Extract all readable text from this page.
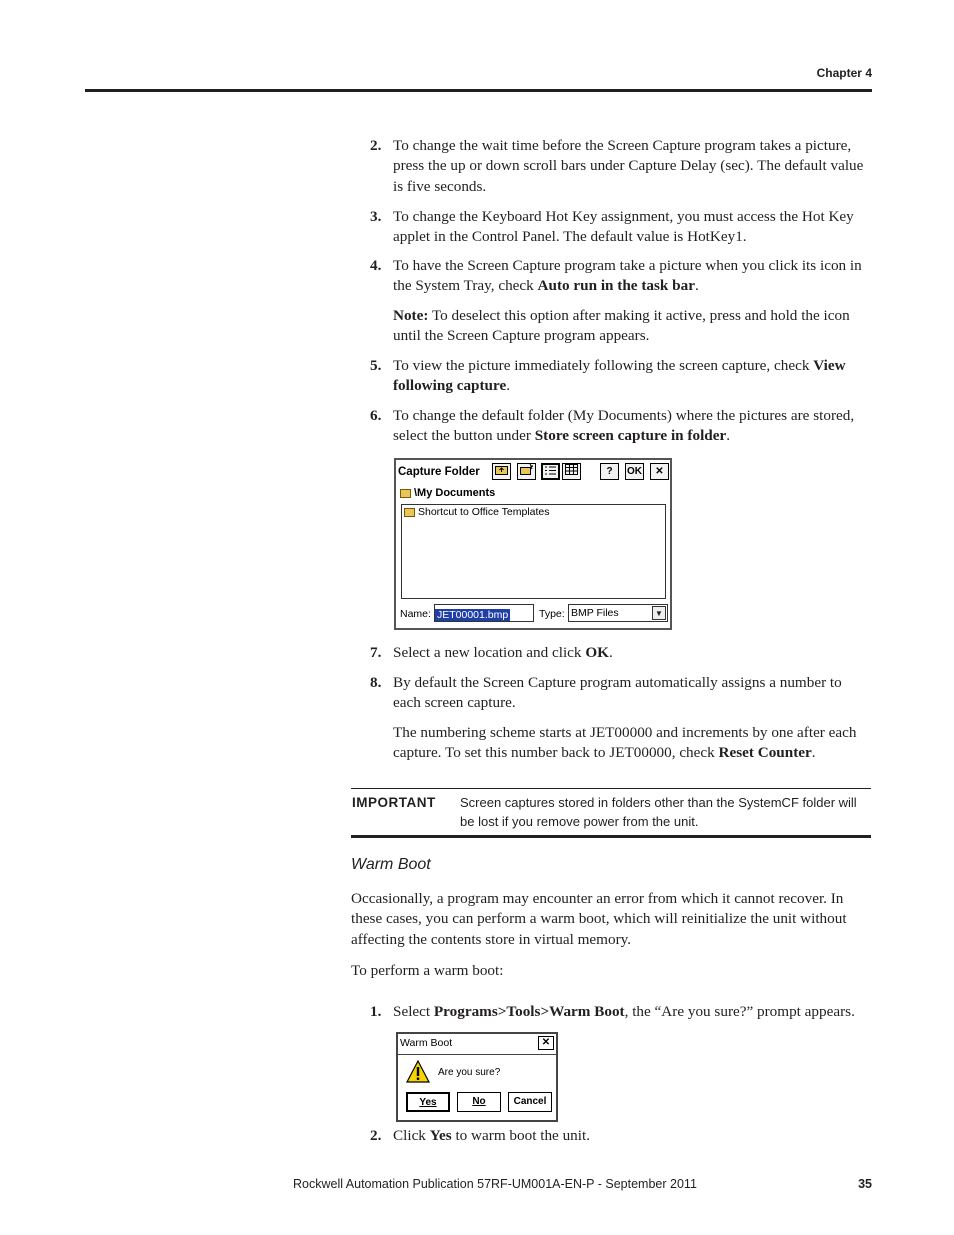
Chapter 4
2. To change the wait time before the Screen Capture program takes a picture, press the up or down scroll bars under Capture Delay (sec). The default value is five seconds.
3. To change the Keyboard Hot Key assignment, you must access the Hot Key applet in the Control Panel. The default value is HotKey1.
4. To have the Screen Capture program take a picture when you click its icon in the System Tray, check Auto run in the task bar.
Note: To deselect this option after making it active, press and hold the icon until the Screen Capture program appears.
5. To view the picture immediately following the screen capture, check View following capture.
6. To change the default folder (My Documents) where the pictures are stored, select the button under Store screen capture in folder.
Capture Folder	?	OK	✕
\My Documents
Shortcut to Office Templates
Name: JET00001.bmp	Type: BMP Files	▼
7. Select a new location and click OK.
8. By default the Screen Capture program automatically assigns a number to each screen capture.
The numbering scheme starts at JET00000 and increments by one after each capture. To set this number back to JET00000, check Reset Counter.
IMPORTANT Screen captures stored in folders other than the SystemCF folder will be lost if you remove power from the unit.
Warm Boot
Occasionally, a program may encounter an error from which it cannot recover. In these cases, you can perform a warm boot, which will reinitialize the unit without affecting the contents store in virtual memory.
To perform a warm boot:
1. Select Programs>Tools>Warm Boot, the “Are you sure?” prompt appears.
Warm Boot	✕
Are you sure?
Yes	No	Cancel
2. Click Yes to warm boot the unit.
Rockwell Automation Publication 57RF-UM001A-EN-P - September 2011	35
